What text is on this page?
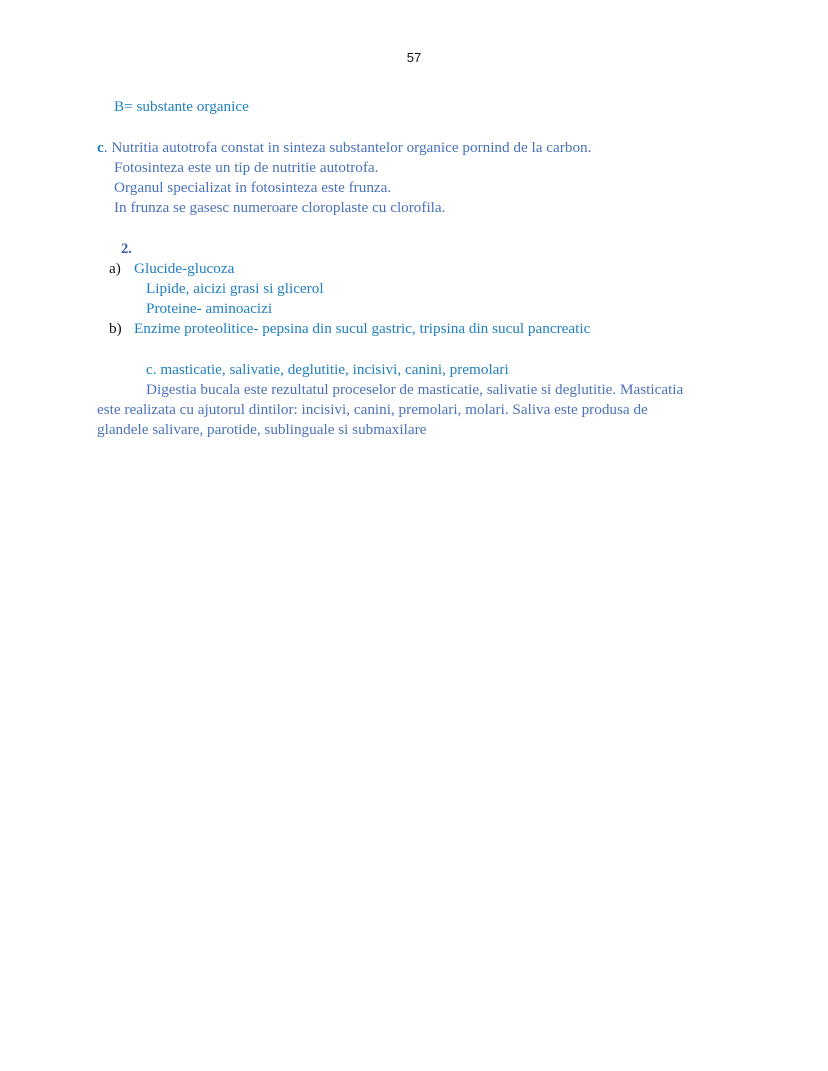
57
B= substante organice
c. Nutritia autotrofa constat in sinteza substantelor organice pornind de la carbon.
Fotosinteza este un tip de nutritie autotrofa.
Organul specializat in fotosinteza este frunza.
In frunza se gasesc numeroare cloroplaste cu clorofila.
2.
a) Glucide-glucoza
Lipide, aicizi grasi si glicerol
Proteine- aminoacizi
b) Enzime proteolitice- pepsina din sucul gastric, tripsina din sucul pancreatic
c. masticatie, salivatie, deglutitie, incisivi, canini, premolari
Digestia bucala este rezultatul proceselor de masticatie, salivatie si deglutitie. Masticatia
este realizata cu ajutorul dintilor: incisivi, canini, premolari, molari. Saliva este produsa de
glandele salivare, parotide, sublinguale si submaxilare
